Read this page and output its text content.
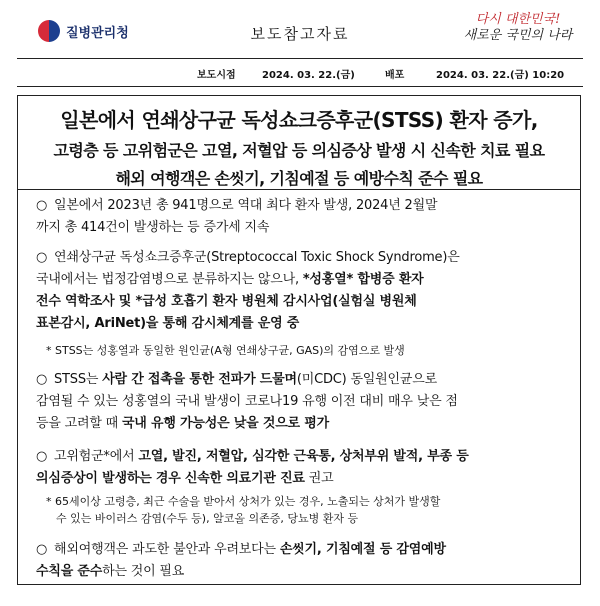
질병관리청	보도참고자료
다시 대한민국!
새로운 국민의 나라
보도시점	2024. 03. 22.(금)	배포	2024. 03. 22.(금) 10:20
일본에서 연쇄상구균 독성쇼크증후군(STSS) 환자 증가,
고령층 등 고위험군은 고열, 저혈압 등 의심증상 발생 시 신속한 치료 필요
해외 여행객은 손씻기, 기침예절 등 예방수칙 준수 필요
○ 일본에서 2023년 총 941명으로 역대 최다 환자 발생, 2024년 2월말
까지 총 414건이 발생하는 등 증가세 지속
○ 연쇄상구균 독성쇼크증후군(Streptococcal Toxic Shock Syndrome)은
국내에서는 법정감염병으로 분류하지는 않으나, *성홍열* 합병증 환자
전수 역학조사 및 *급성 호흡기 환자 병원체 감시사업(실험실 병원체
표본감시, AriNet)을 통해 감시체계를 운영 중
* STSS는 성홍열과 동일한 원인균(A형 연쇄상구균, GAS)의 감염으로 발생
○ STSS는 사람 간 접촉을 통한 전파가 드물며(미CDC) 동일원인균으로
감염될 수 있는 성홍열의 국내 발생이 코로나19 유행 이전 대비 매우 낮은 점
등을 고려할 때 국내 유행 가능성은 낮을 것으로 평가
○ 고위험군*에서 고열, 발진, 저혈압, 심각한 근육통, 상처부위 발적, 부종 등
의심증상이 발생하는 경우 신속한 의료기관 진료 권고
* 65세이상 고령층, 최근 수술을 받아서 상처가 있는 경우, 노출되는 상처가 발생할
수 있는 바이러스 감염(수두 등), 알코올 의존증, 당뇨병 환자 등
○ 해외여행객은 과도한 불안과 우려보다는 손씻기, 기침예절 등 감염예방
수칙을 준수하는 것이 필요
